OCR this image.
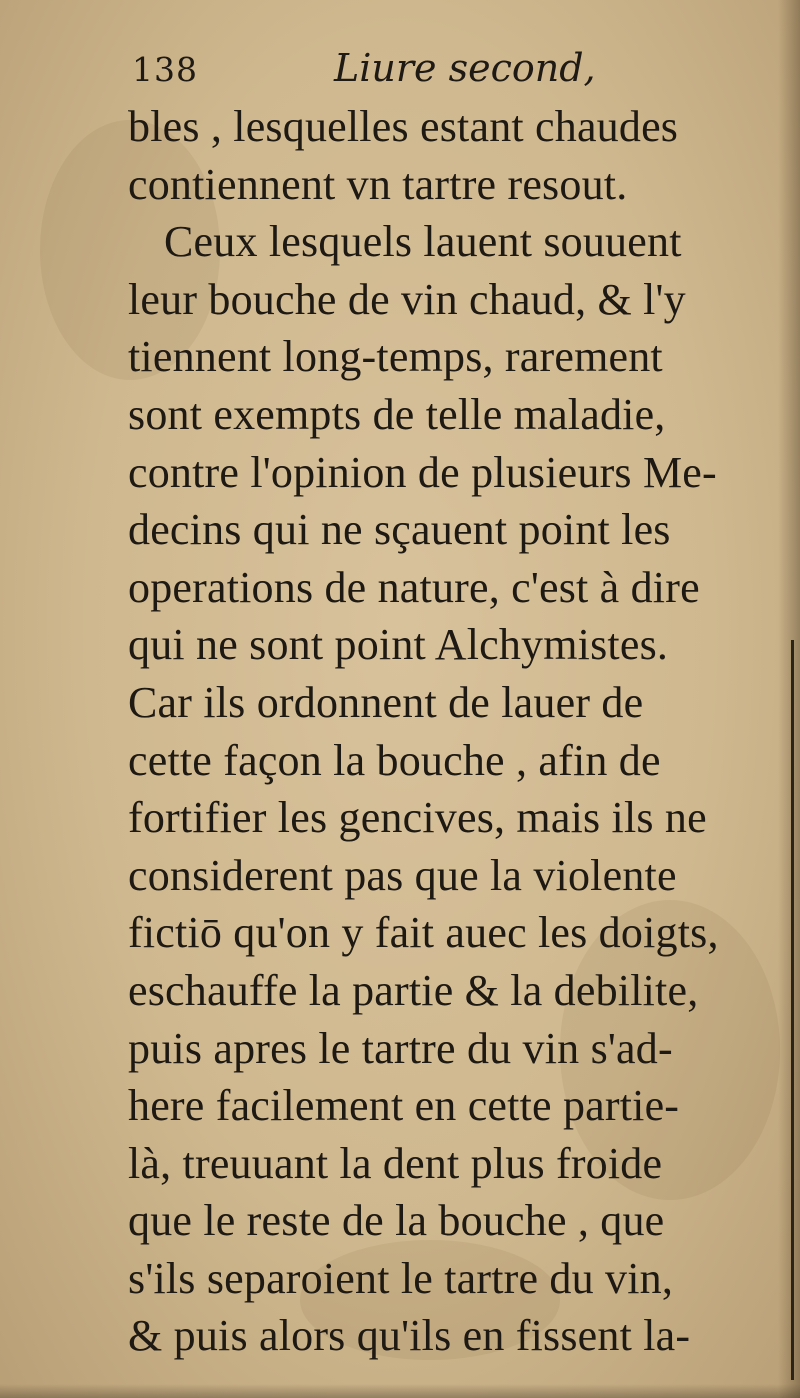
138	Liure second,
bles , lesquelles estant chaudes
contiennent vn tartre resout.
Ceux lesquels lauent souuent
leur bouche de vin chaud, & l'y
tiennent long-temps, rarement
sont exempts de telle maladie,
contre l'opinion de plusieurs Me-
decins qui ne sçauent point les
operations de nature, c'est à dire
qui ne sont point Alchymistes.
Car ils ordonnent de lauer de
cette façon la bouche , afin de
fortifier les gencives, mais ils ne
considerent pas que la violente
fictiō qu'on y fait auec les doigts,
eschauffe la partie & la debilite,
puis apres le tartre du vin s'ad-
here facilement en cette partie-
là, treuuant la dent plus froide
que le reste de la bouche , que
s'ils separoient le tartre du vin,
& puis alors qu'ils en fissent la-
